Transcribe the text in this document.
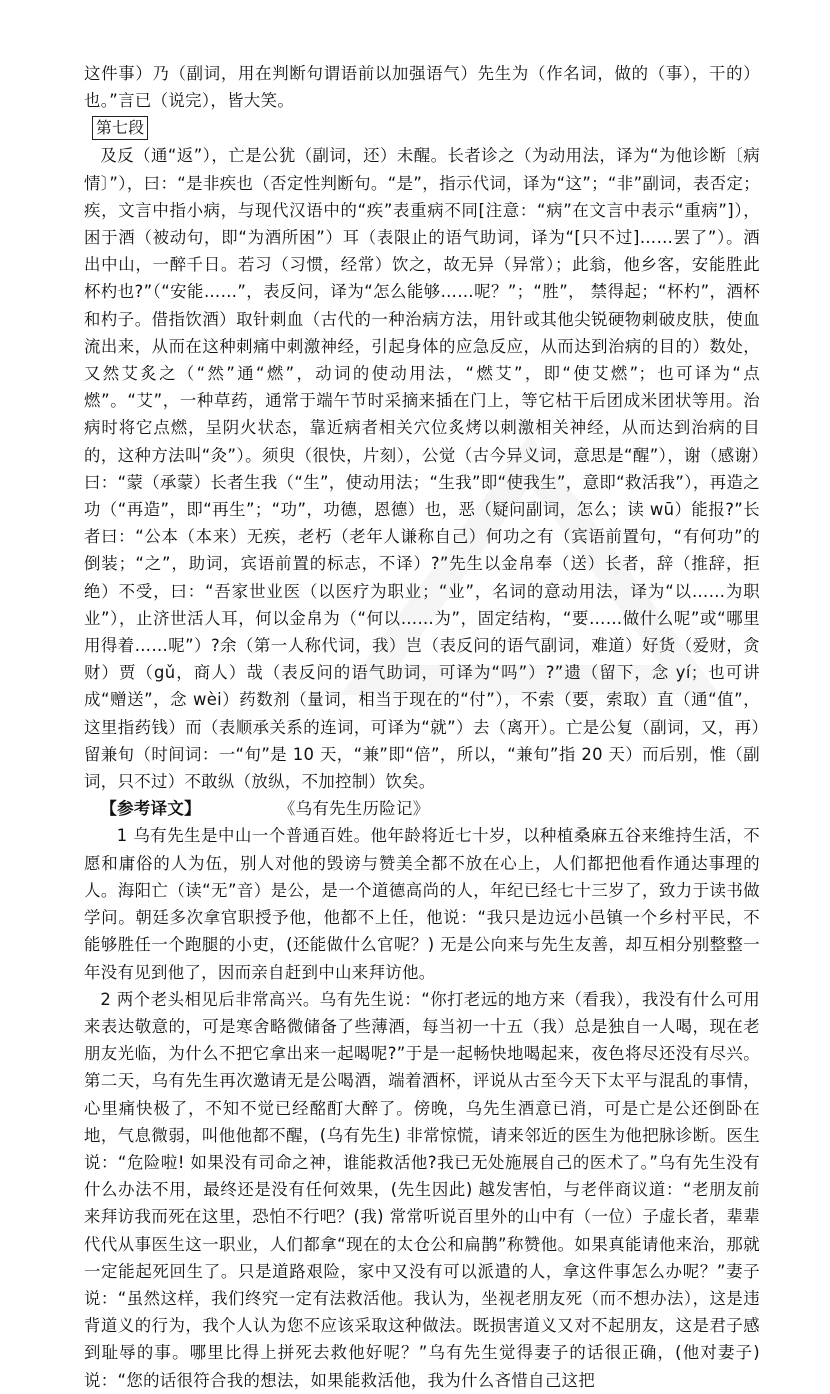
这件事）乃（副词，用在判断句谓语前以加强语气）先生为（作名词，做的（事），干的）也。”言已（说完），皆大笑。

第七段

及反（通“返”），亡是公犹（副词，还）未醒。长者诊之（为动用法，译为“为他诊断〔病情〕”），曰：“是非疾也（否定性判断句。“是”，指示代词，译为“这”；“非”副词，表否定；疾，文言中指小病，与现代汉语中的“疾”表重病不同[注意：“病”在文言中表示“重病”]），困于酒（被动句，即“为酒所困”）耳（表限止的语气助词，译为“[只不过]……罢了”）。酒出中山，一醉千日。若习（习惯，经常）饮之，故无异（异常）；此翁，他乡客，安能胜此杯杓也?”（“安能……”，表反问，译为“怎么能够……呢？”；“胜”， 禁得起；“杯杓”，酒杯和杓子。借指饮酒）取针刺血（古代的一种治病方法，用针或其他尖锐硬物刺破皮肤，使血流出来，从而在这种刺痛中刺激神经，引起身体的应急反应，从而达到治病的目的）数处，又然艾炙之（“然”通“燃”，动词的使动用法，“燃艾”，即“使艾燃”；也可译为“点燃”。“艾”，一种草药，通常于端午节时采摘来插在门上，等它枯干后团成米团状等用。治病时将它点燃，呈阴火状态，靠近病者相关穴位炙烤以刺激相关神经，从而达到治病的目的，这种方法叫“灸”）。须臾（很快，片刻），公觉（古今异义词，意思是“醒”），谢（感谢）曰：“蒙（承蒙）长者生我（“生”，使动用法；“生我”即“使我生”，意即“救活我”），再造之功（“再造”，即“再生”；“功”，功德，恩德）也，恶（疑问副词，怎么；读 wū）能报?”长者曰：“公本（本来）无疾，老朽（老年人谦称自己）何功之有（宾语前置句，“有何功”的倒装；“之”，助词，宾语前置的标志，不译）?”先生以金帛奉（送）长者，辞（推辞，拒绝）不受，曰：“吾家世业医（以医疗为职业；“业”，名词的意动用法，译为“以……为职业”），止济世活人耳，何以金帛为（“何以……为”，固定结构，“要……做什么呢”或“哪里用得着……呢”）?余（第一人称代词，我）岂（表反问的语气副词，难道）好货（爱财，贪财）贾（gǔ，商人）哉（表反问的语气助词，可译为“吗”）?”遗（留下，念 yí；也可讲成“赠送”，念 wèi）药数剂（量词，相当于现在的“付”），不索（要，索取）直（通“值”，这里指药钱）而（表顺承关系的连词，可译为“就”）去（离开）。亡是公复（副词，又，再）留兼旬（时间词：一“旬”是 10 天，“兼”即“倍”，所以，“兼旬”指 20 天）而后别，惟（副词，只不过）不敢纵（放纵，不加控制）饮矣。

【参考译文】	《乌有先生历险记》

1 乌有先生是中山一个普通百姓。他年龄将近七十岁，以种植桑麻五谷来维持生活，不愿和庸俗的人为伍，别人对他的毁谤与赞美全都不放在心上，人们都把他看作通达事理的人。海阳亡（读“无”音）是公，是一个道德高尚的人，年纪已经七十三岁了，致力于读书做学问。朝廷多次拿官职授予他，他都不上任，他说：“我只是边远小邑镇一个乡村平民，不能够胜任一个跑腿的小吏，(还能做什么官呢？) 无是公向来与先生友善，却互相分别整整一年没有见到他了，因而亲自赶到中山来拜访他。

2 两个老头相见后非常高兴。乌有先生说：“你打老远的地方来（看我），我没有什么可用来表达敬意的，可是寒舍略微储备了些薄酒，每当初一十五（我）总是独自一人喝，现在老朋友光临，为什么不把它拿出来一起喝呢?”于是一起畅快地喝起来，夜色将尽还没有尽兴。第二天，乌有先生再次邀请无是公喝酒，端着酒杯，评说从古至今天下太平与混乱的事情，心里痛快极了，不知不觉已经酩酊大醉了。傍晚，乌先生酒意已消，可是亡是公还倒卧在地，气息微弱，叫他他都不醒，(乌有先生) 非常惊慌，请来邻近的医生为他把脉诊断。医生说：“危险啦! 如果没有司命之神，谁能救活他?我已无处施展自己的医术了。”乌有先生没有什么办法不用，最终还是没有任何效果，(先生因此) 越发害怕，与老伴商议道：“老朋友前来拜访我而死在这里，恐怕不行吧？(我) 常常听说百里外的山中有（一位）子虚长者，辈辈代代从事医生这一职业，人们都拿“现在的太仓公和扁鹊”称赞他。如果真能请他来治，那就一定能起死回生了。只是道路艰险，家中又没有可以派遣的人，拿这件事怎么办呢？”妻子说：“虽然这样，我们终究一定有法救活他。我认为，坐视老朋友死（而不想办法），这是违背道义的行为，我个人认为您不应该采取这种做法。既损害道义又对不起朋友，这是君子感到耻辱的事。哪里比得上拼死去救他好呢？”乌有先生觉得妻子的话很正确，(他对妻子) 说：“您的话很符合我的想法，如果能救活他，我为什么吝惜自己这把
